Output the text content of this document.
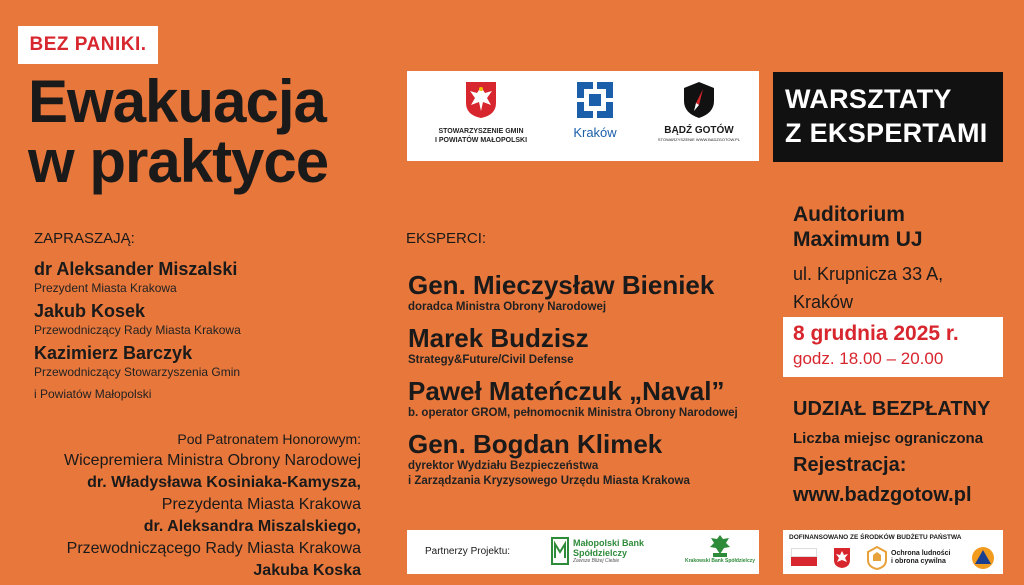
BEZ PANIKI.
Ewakuacja
w praktyce	STOWARZYSZENIE GMIN
I POWIATÓW MAŁOPOLSKI
Kraków	BĄDŹ GOTÓW
STOWARZYSZENIE WWW.BADZGOTOW.PL
WARSZTATY
Z EKSPERTAMI
ZAPRASZAJĄ:
dr Aleksander Miszalski
Prezydent Miasta Krakowa
Jakub Kosek
Przewodniczący Rady Miasta Krakowa
Kazimierz Barczyk
Przewodniczący Stowarzyszenia Gmin
i Powiatów Małopolski
Pod Patronatem Honorowym:
Wicepremiera Ministra Obrony Narodowej
dr. Władysława Kosiniaka-Kamysza,
Prezydenta Miasta Krakowa
dr. Aleksandra Miszalskiego,
Przewodniczącego Rady Miasta Krakowa
Jakuba Koska
EKSPERCI:
Gen. Mieczysław Bieniek
doradca Ministra Obrony Narodowej
Marek Budzisz
Strategy&Future/Civil Defense
Paweł Mateńczuk „Naval”
b. operator GROM, pełnomocnik Ministra Obrony Narodowej
Gen. Bogdan Klimek
dyrektor Wydziału Bezpieczeństwa
i Zarządzania Kryzysowego Urzędu Miasta Krakowa
Auditorium
Maximum UJ
ul. Krupnicza 33 A,
Kraków
8 grudnia 2025 r.
godz. 18.00 – 20.00
UDZIAŁ BEZPŁATNY
Liczba miejsc ograniczona
Rejestracja:
www.badzgotow.pl
Partnerzy Projektu:
Małopolski Bank
Spółdzielczy
Zawsze Bliżej Ciebie	Krakowski Bank Spółdzielczy
DOFINANSOWANO ZE ŚRODKÓW BUDŻETU PAŃSTWA
Ochrona ludności
i obrona cywilna
